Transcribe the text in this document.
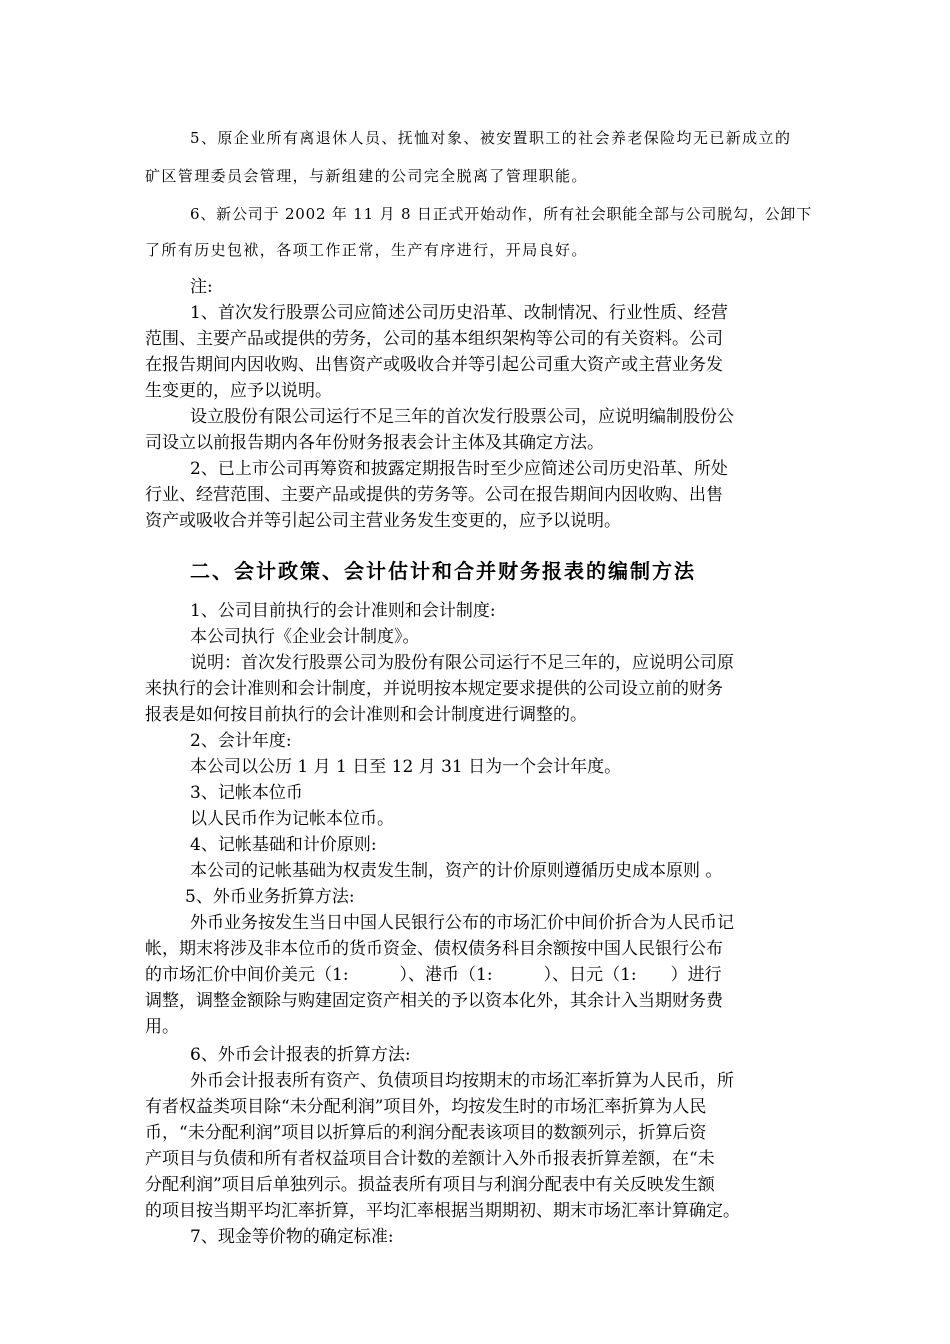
5、原企业所有离退休人员、抚恤对象、被安置职工的社会养老保险均无已新成立的

矿区管理委员会管理，与新组建的公司完全脱离了管理职能。

6、新公司于 2002 年 11 月 8 日正式开始动作，所有社会职能全部与公司脱勾，公卸下

了所有历史包袱，各项工作正常，生产有序进行，开局良好。

注:

1、首次发行股票公司应简述公司历史沿革、改制情况、行业性质、经营

范围、主要产品或提供的劳务，公司的基本组织架构等公司的有关资料。公司

在报告期间内因收购、出售资产或吸收合并等引起公司重大资产或主营业务发

生变更的，应予以说明。

设立股份有限公司运行不足三年的首次发行股票公司，应说明编制股份公

司设立以前报告期内各年份财务报表会计主体及其确定方法。

2、已上市公司再筹资和披露定期报告时至少应简述公司历史沿革、所处

行业、经营范围、主要产品或提供的劳务等。公司在报告期间内因收购、出售

资产或吸收合并等引起公司主营业务发生变更的，应予以说明。

二、会计政策、会计估计和合并财务报表的编制方法

1、公司目前执行的会计准则和会计制度:

本公司执行《企业会计制度》。

说明：首次发行股票公司为股份有限公司运行不足三年的，应说明公司原

来执行的会计准则和会计制度，并说明按本规定要求提供的公司设立前的财务

报表是如何按目前执行的会计准则和会计制度进行调整的。

2、会计年度:

本公司以公历 1 月 1 日至 12 月 31 日为一个会计年度。

3、记帐本位币

以人民币作为记帐本位币。

4、记帐基础和计价原则:

本公司的记帐基础为权责发生制，资产的计价原则遵循历史成本原则 。

5、外币业务折算方法:

外币业务按发生当日中国人民银行公布的市场汇价中间价折合为人民币记

帐，期末将涉及非本位币的货币资金、债权债务科目余额按中国人民银行公布

的市场汇价中间价美元（1:　　　）、港币（1:　　　）、日元（1:　　）进行

调整，调整金额除与购建固定资产相关的予以资本化外，其余计入当期财务费

用。

6、外币会计报表的折算方法:

外币会计报表所有资产、负债项目均按期末的市场汇率折算为人民币，所

有者权益类项目除“未分配利润”项目外，均按发生时的市场汇率折算为人民

币，“未分配利润”项目以折算后的利润分配表该项目的数额列示，折算后资

产项目与负债和所有者权益项目合计数的差额计入外币报表折算差额，在“未

分配利润”项目后单独列示。损益表所有项目与利润分配表中有关反映发生额

的项目按当期平均汇率折算，平均汇率根据当期期初、期末市场汇率计算确定。

7、现金等价物的确定标准:
